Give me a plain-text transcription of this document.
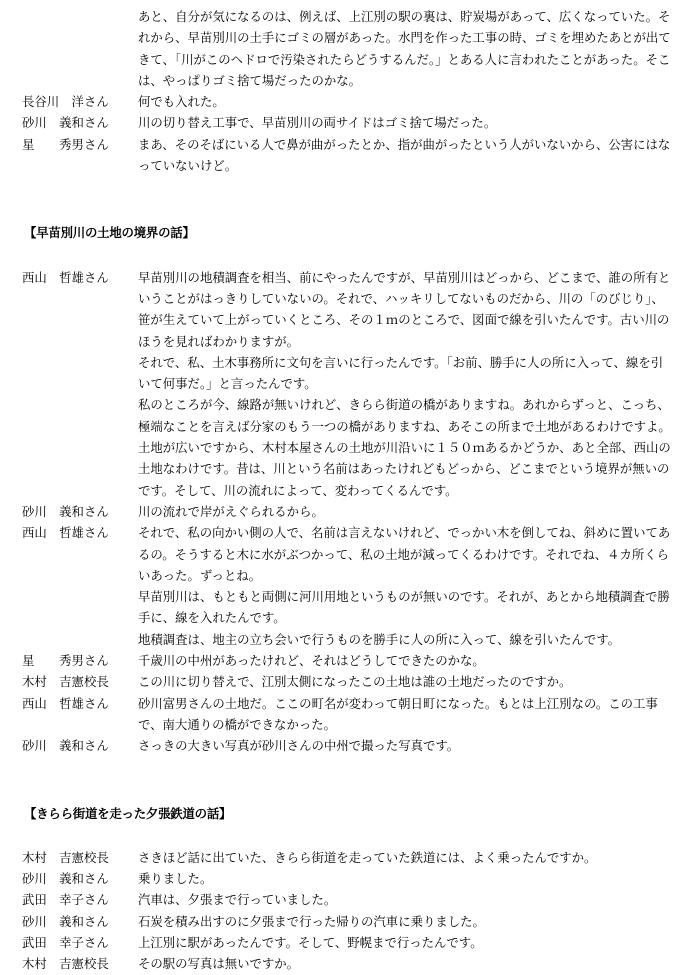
あと、自分が気になるのは、例えば、上江別の駅の裏は、貯炭場があって、広くなっていた。それから、早苗別川の土手にゴミの層があった。水門を作った工事の時、ゴミを埋めたあとが出てきて、「川がこのヘドロで汚染されたらどうするんだ。」とある人に言われたことがあった。そこは、やっぱりゴミ捨て場だったのかな。

長谷川　洋さん	何でも入れた。

砂川　義和さん	川の切り替え工事で、早苗別川の両サイドはゴミ捨て場だった。

星　　秀男さん	まあ、そのそばにいる人で鼻が曲がったとか、指が曲がったという人がいないから、公害にはなっていないけど。

【早苗別川の土地の境界の話】

西山　哲雄さん	早苗別川の地積調査を相当、前にやったんですが、早苗別川はどっから、どこまで、誰の所有ということがはっきりしていないの。それで、ハッキリしてないものだから、川の「のびじり」、笹が生えていて上がっていくところ、その１ｍのところで、図面で線を引いたんです。古い川のほうを見ればわかりますが。

それで、私、土木事務所に文句を言いに行ったんです。「お前、勝手に人の所に入って、線を引いて何事だ。」と言ったんです。

私のところが今、線路が無いけれど、きらら街道の橋がありますね。あれからずっと、こっち、極端なことを言えば分家のもう一つの橋がありますね、あそこの所まで土地があるわけですよ。土地が広いですから、木村本屋さんの土地が川沿いに１５０ｍあるかどうか、あと全部、西山の土地なわけです。昔は、川という名前はあったけれどもどっから、どこまでという境界が無いのです。そして、川の流れによって、変わってくるんです。

砂川　義和さん	川の流れで岸がえぐられるから。

西山　哲雄さん	それで、私の向かい側の人で、名前は言えないけれど、でっかい木を倒してね、斜めに置いてあるの。そうすると木に水がぶつかって、私の土地が減ってくるわけです。それでね、４カ所くらいあった。ずっとね。

早苗別川は、もともと両側に河川用地というものが無いのです。それが、あとから地積調査で勝手に、線を入れたんです。

地積調査は、地主の立ち会いで行うものを勝手に人の所に入って、線を引いたんです。

星　　秀男さん	千歳川の中州があったけれど、それはどうしてできたのかな。

木村　吉憲校長	この川に切り替えで、江別太側になったこの土地は誰の土地だったのですか。

西山　哲雄さん	砂川富男さんの土地だ。ここの町名が変わって朝日町になった。もとは上江別なの。この工事で、南大通りの橋ができなかった。

砂川　義和さん	さっきの大きい写真が砂川さんの中州で撮った写真です。

【きらら街道を走った夕張鉄道の話】

木村　吉憲校長	さきほど話に出ていた、きらら街道を走っていた鉄道には、よく乗ったんですか。

砂川　義和さん	乗りました。

武田　幸子さん	汽車は、夕張まで行っていました。

砂川　義和さん	石炭を積み出すのに夕張まで行った帰りの汽車に乗りました。

武田　幸子さん	上江別に駅があったんです。そして、野幌まで行ったんです。

木村　吉憲校長	その駅の写真は無いですか。
